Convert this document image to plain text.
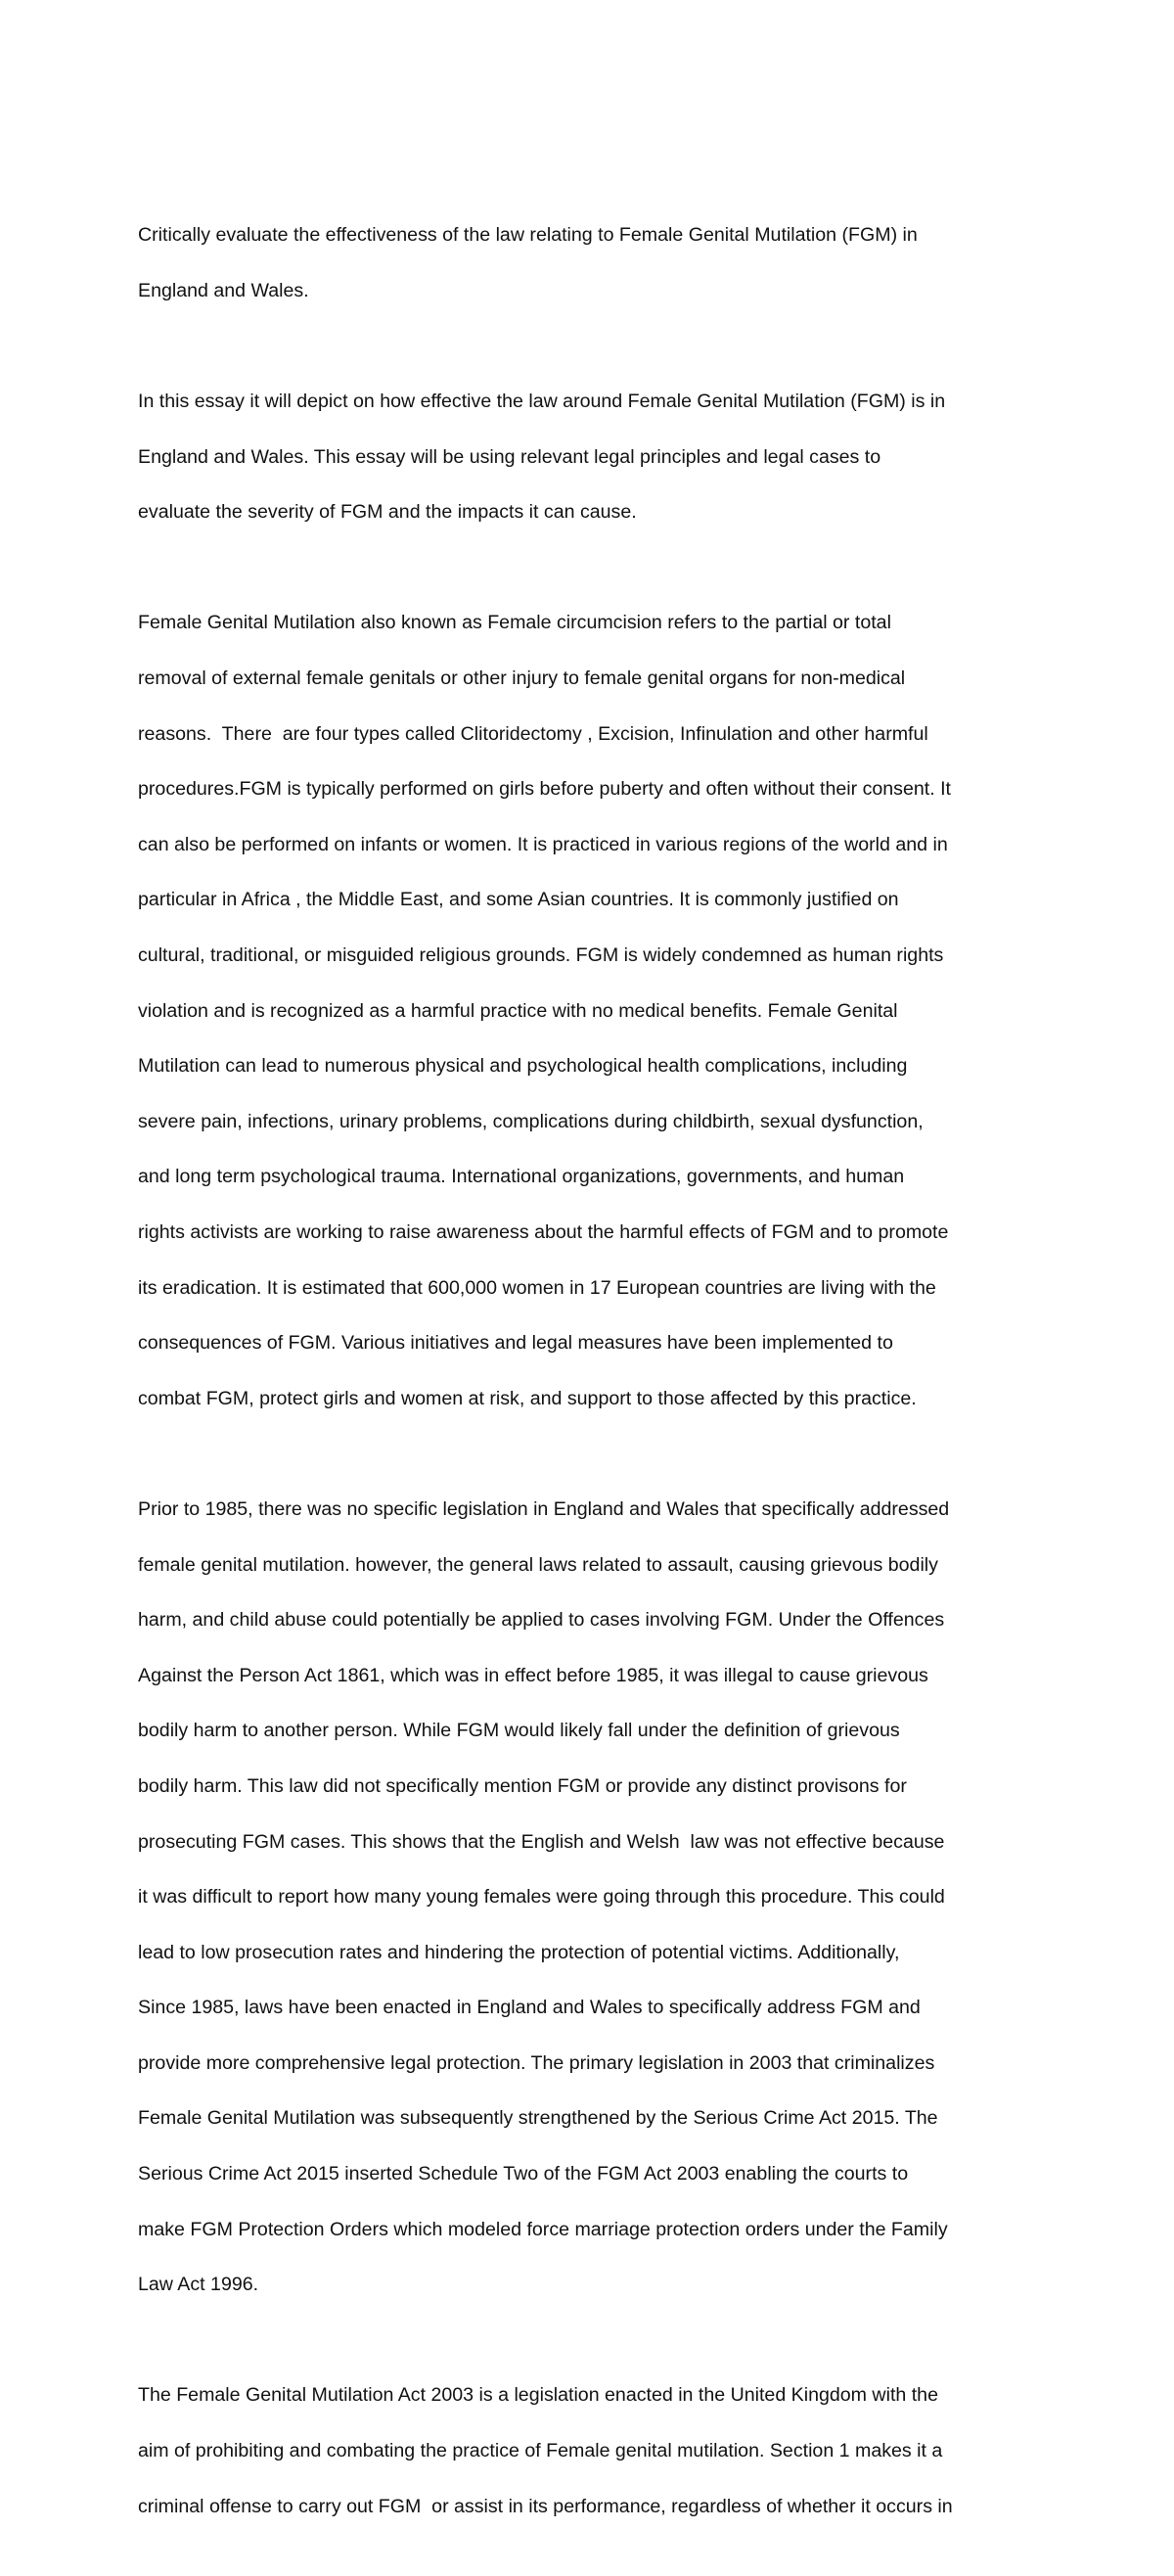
Critically evaluate the effectiveness of the law relating to Female Genital Mutilation (FGM) in

England and Wales.

In this essay it will depict on how effective the law around Female Genital Mutilation (FGM) is in

England and Wales. This essay will be using relevant legal principles and legal cases to

evaluate the severity of FGM and the impacts it can cause.

Female Genital Mutilation also known as Female circumcision refers to the partial or total

removal of external female genitals or other injury to female genital organs for non-medical

reasons.  There  are four types called Clitoridectomy , Excision, Infinulation and other harmful

procedures.FGM is typically performed on girls before puberty and often without their consent. It

can also be performed on infants or women. It is practiced in various regions of the world and in

particular in Africa , the Middle East, and some Asian countries. It is commonly justified on

cultural, traditional, or misguided religious grounds. FGM is widely condemned as human rights

violation and is recognized as a harmful practice with no medical benefits. Female Genital

Mutilation can lead to numerous physical and psychological health complications, including

severe pain, infections, urinary problems, complications during childbirth, sexual dysfunction,

and long term psychological trauma. International organizations, governments, and human

rights activists are working to raise awareness about the harmful effects of FGM and to promote

its eradication. It is estimated that 600,000 women in 17 European countries are living with the

consequences of FGM. Various initiatives and legal measures have been implemented to

combat FGM, protect girls and women at risk, and support to those affected by this practice.

Prior to 1985, there was no specific legislation in England and Wales that specifically addressed

female genital mutilation. however, the general laws related to assault, causing grievous bodily

harm, and child abuse could potentially be applied to cases involving FGM. Under the Offences

Against the Person Act 1861, which was in effect before 1985, it was illegal to cause grievous

bodily harm to another person. While FGM would likely fall under the definition of grievous

bodily harm. This law did not specifically mention FGM or provide any distinct provisons for

prosecuting FGM cases. This shows that the English and Welsh  law was not effective because

it was difficult to report how many young females were going through this procedure. This could

lead to low prosecution rates and hindering the protection of potential victims. Additionally,

Since 1985, laws have been enacted in England and Wales to specifically address FGM and

provide more comprehensive legal protection. The primary legislation in 2003 that criminalizes

Female Genital Mutilation was subsequently strengthened by the Serious Crime Act 2015. The

Serious Crime Act 2015 inserted Schedule Two of the FGM Act 2003 enabling the courts to

make FGM Protection Orders which modeled force marriage protection orders under the Family

Law Act 1996.

The Female Genital Mutilation Act 2003 is a legislation enacted in the United Kingdom with the

aim of prohibiting and combating the practice of Female genital mutilation. Section 1 makes it a

criminal offense to carry out FGM  or assist in its performance, regardless of whether it occurs in
